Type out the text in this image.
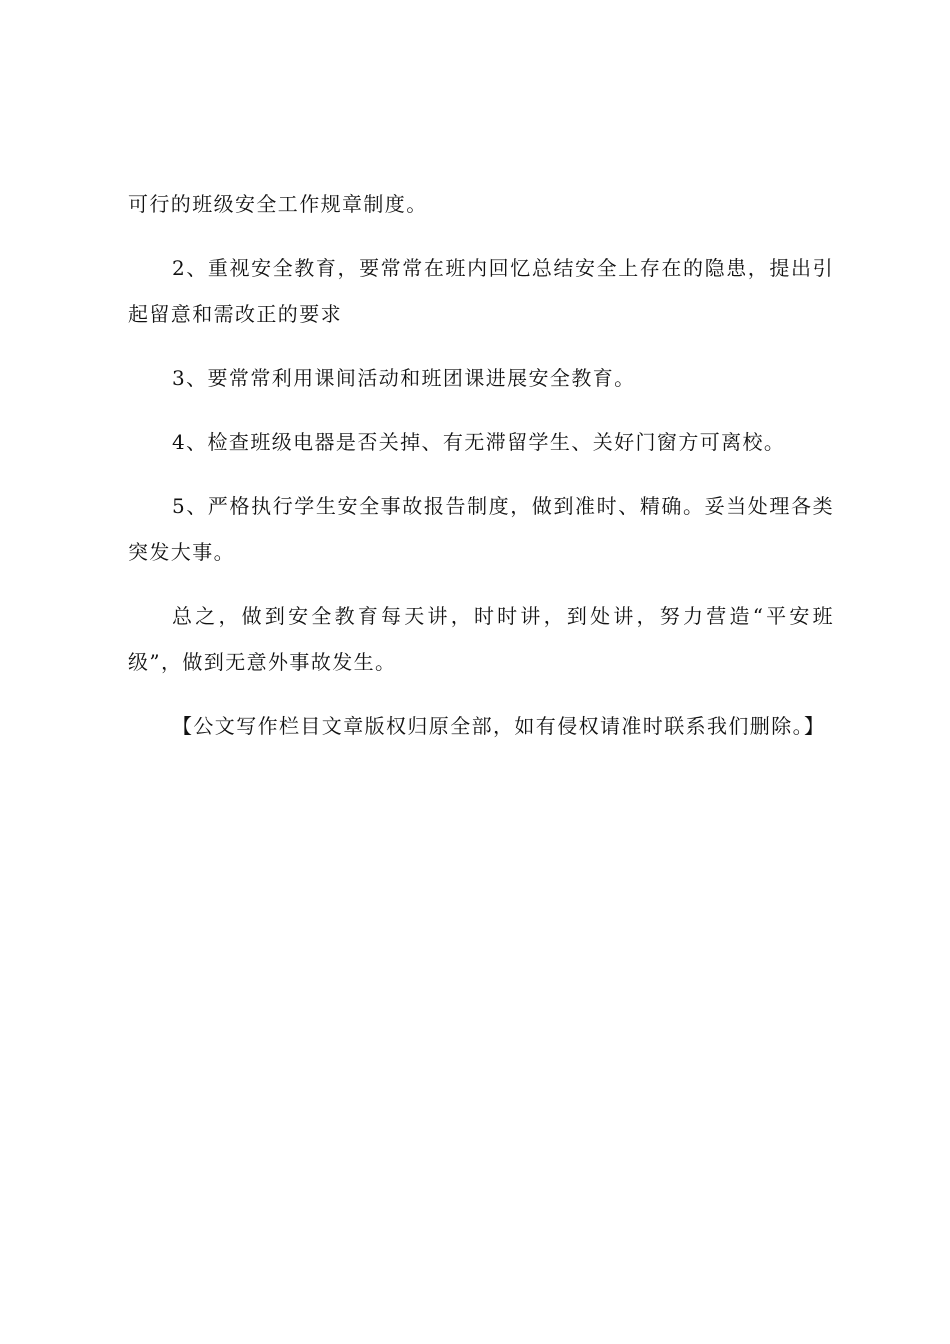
可行的班级安全工作规章制度。

2、重视安全教育，要常常在班内回忆总结安全上存在的隐患，提出引起留意和需改正的要求

3、要常常利用课间活动和班团课进展安全教育。

4、检查班级电器是否关掉、有无滞留学生、关好门窗方可离校。

5、严格执行学生安全事故报告制度，做到准时、精确。妥当处理各类突发大事。

总之，做到安全教育每天讲，时时讲，到处讲，努力营造“平安班级”，做到无意外事故发生。

【公文写作栏目文章版权归原全部，如有侵权请准时联系我们删除。】
